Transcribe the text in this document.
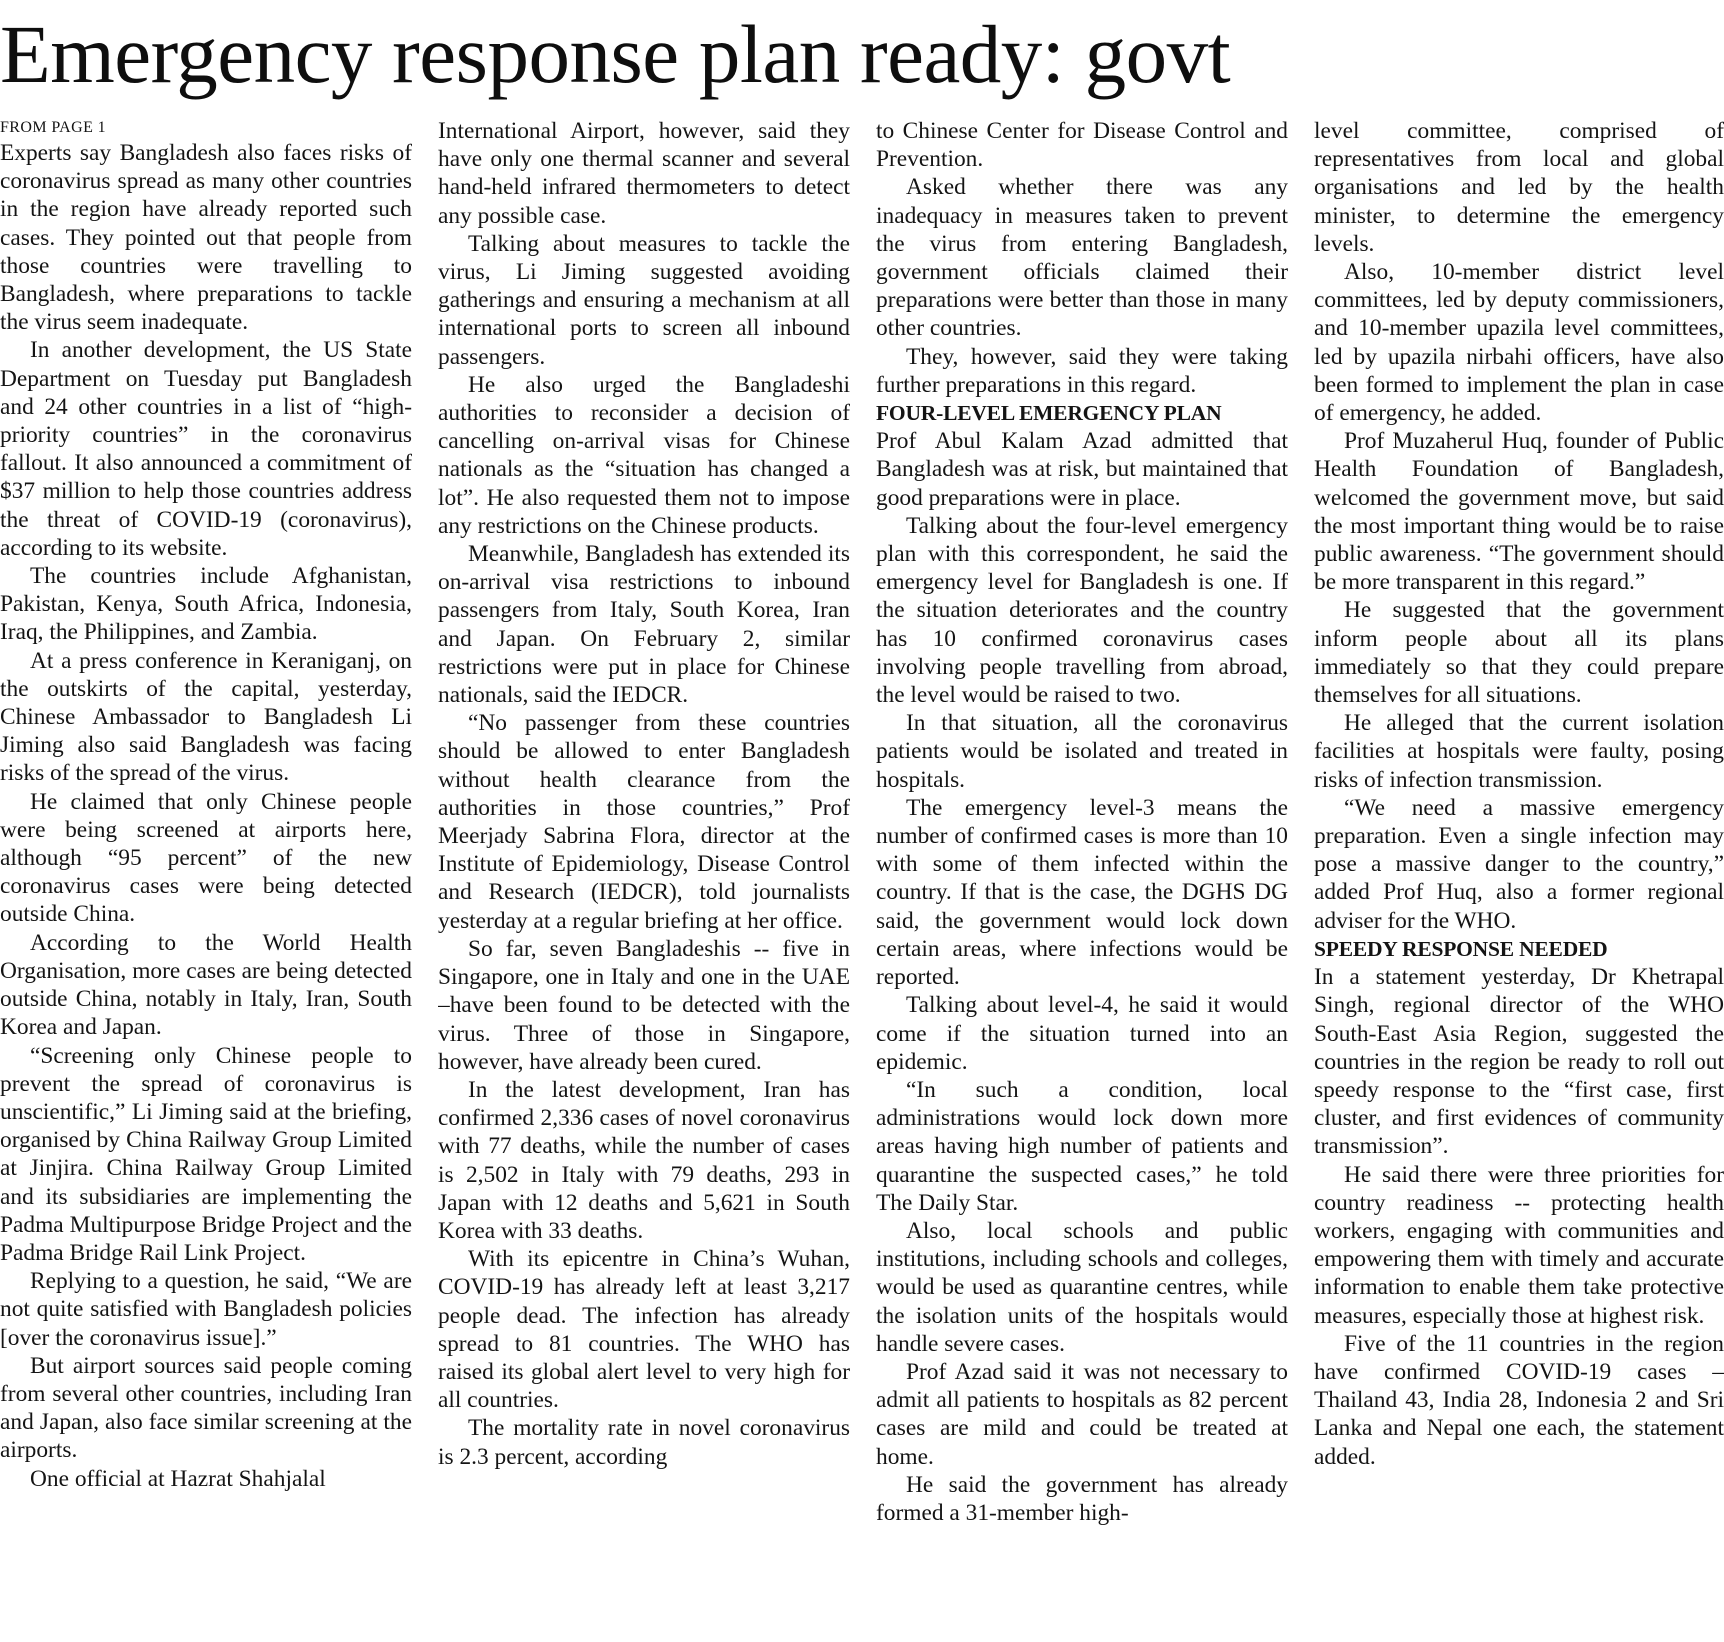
Emergency response plan ready: govt
FROM PAGE 1

Experts say Bangladesh also faces risks of coronavirus spread as many other countries in the region have already reported such cases. They pointed out that people from those countries were travelling to Bangladesh, where preparations to tackle the virus seem inadequate.

In another development, the US State Department on Tuesday put Bangladesh and 24 other countries in a list of “high-priority countries” in the coronavirus fallout. It also announced a commitment of $37 million to help those countries address the threat of COVID-19 (coronavirus), according to its website.

The countries include Afghanistan, Pakistan, Kenya, South Africa, Indonesia, Iraq, the Philippines, and Zambia.

At a press conference in Keraniganj, on the outskirts of the capital, yesterday, Chinese Ambassador to Bangladesh Li Jiming also said Bangladesh was facing risks of the spread of the virus.

He claimed that only Chinese people were being screened at airports here, although “95 percent” of the new coronavirus cases were being detected outside China.

According to the World Health Organisation, more cases are being detected outside China, notably in Italy, Iran, South Korea and Japan.

“Screening only Chinese people to prevent the spread of coronavirus is unscientific,” Li Jiming said at the briefing, organised by China Railway Group Limited at Jinjira. China Railway Group Limited and its subsidiaries are implementing the Padma Multipurpose Bridge Project and the Padma Bridge Rail Link Project.

Replying to a question, he said, “We are not quite satisfied with Bangladesh policies [over the coronavirus issue].”

But airport sources said people coming from several other countries, including Iran and Japan, also face similar screening at the airports.

One official at Hazrat Shahjalal

International Airport, however, said they have only one thermal scanner and several hand-held infrared thermometers to detect any possible case.

Talking about measures to tackle the virus, Li Jiming suggested avoiding gatherings and ensuring a mechanism at all international ports to screen all inbound passengers.

He also urged the Bangladeshi authorities to reconsider a decision of cancelling on-arrival visas for Chinese nationals as the “situation has changed a lot”. He also requested them not to impose any restrictions on the Chinese products.

Meanwhile, Bangladesh has extended its on-arrival visa restrictions to inbound passengers from Italy, South Korea, Iran and Japan. On February 2, similar restrictions were put in place for Chinese nationals, said the IEDCR.

“No passenger from these countries should be allowed to enter Bangladesh without health clearance from the authorities in those countries,” Prof Meerjady Sabrina Flora, director at the Institute of Epidemiology, Disease Control and Research (IEDCR), told journalists yesterday at a regular briefing at her office.

So far, seven Bangladeshis -- five in Singapore, one in Italy and one in the UAE –have been found to be detected with the virus. Three of those in Singapore, however, have already been cured.

In the latest development, Iran has confirmed 2,336 cases of novel coronavirus with 77 deaths, while the number of cases is 2,502 in Italy with 79 deaths, 293 in Japan with 12 deaths and 5,621 in South Korea with 33 deaths.

With its epicentre in China’s Wuhan, COVID-19 has already left at least 3,217 people dead. The infection has already spread to 81 countries. The WHO has raised its global alert level to very high for all countries.

The mortality rate in novel coronavirus is 2.3 percent, according

to Chinese Center for Disease Control and Prevention.

Asked whether there was any inadequacy in measures taken to prevent the virus from entering Bangladesh, government officials claimed their preparations were better than those in many other countries.

They, however, said they were taking further preparations in this regard.

FOUR-LEVEL EMERGENCY PLAN

Prof Abul Kalam Azad admitted that Bangladesh was at risk, but maintained that good preparations were in place.

Talking about the four-level emergency plan with this correspondent, he said the emergency level for Bangladesh is one. If the situation deteriorates and the country has 10 confirmed coronavirus cases involving people travelling from abroad, the level would be raised to two.

In that situation, all the coronavirus patients would be isolated and treated in hospitals.

The emergency level-3 means the number of confirmed cases is more than 10 with some of them infected within the country. If that is the case, the DGHS DG said, the government would lock down certain areas, where infections would be reported.

Talking about level-4, he said it would come if the situation turned into an epidemic.

“In such a condition, local administrations would lock down more areas having high number of patients and quarantine the suspected cases,” he told The Daily Star.

Also, local schools and public institutions, including schools and colleges, would be used as quarantine centres, while the isolation units of the hospitals would handle severe cases.

Prof Azad said it was not necessary to admit all patients to hospitals as 82 percent cases are mild and could be treated at home.

He said the government has already formed a 31-member high-

level committee, comprised of representatives from local and global organisations and led by the health minister, to determine the emergency levels.

Also, 10-member district level committees, led by deputy commissioners, and 10-member upazila level committees, led by upazila nirbahi officers, have also been formed to implement the plan in case of emergency, he added.

Prof Muzaherul Huq, founder of Public Health Foundation of Bangladesh, welcomed the government move, but said the most important thing would be to raise public awareness. “The government should be more transparent in this regard.”

He suggested that the government inform people about all its plans immediately so that they could prepare themselves for all situations.

He alleged that the current isolation facilities at hospitals were faulty, posing risks of infection transmission.

“We need a massive emergency preparation. Even a single infection may pose a massive danger to the country,” added Prof Huq, also a former regional adviser for the WHO.

SPEEDY RESPONSE NEEDED

In a statement yesterday, Dr Khetrapal Singh, regional director of the WHO South-East Asia Region, suggested the countries in the region be ready to roll out speedy response to the “first case, first cluster, and first evidences of community transmission”.

He said there were three priorities for country readiness -- protecting health workers, engaging with communities and empowering them with timely and accurate information to enable them take protective measures, especially those at highest risk.

Five of the 11 countries in the region have confirmed COVID-19 cases – Thailand 43, India 28, Indonesia 2 and Sri Lanka and Nepal one each, the statement added.
